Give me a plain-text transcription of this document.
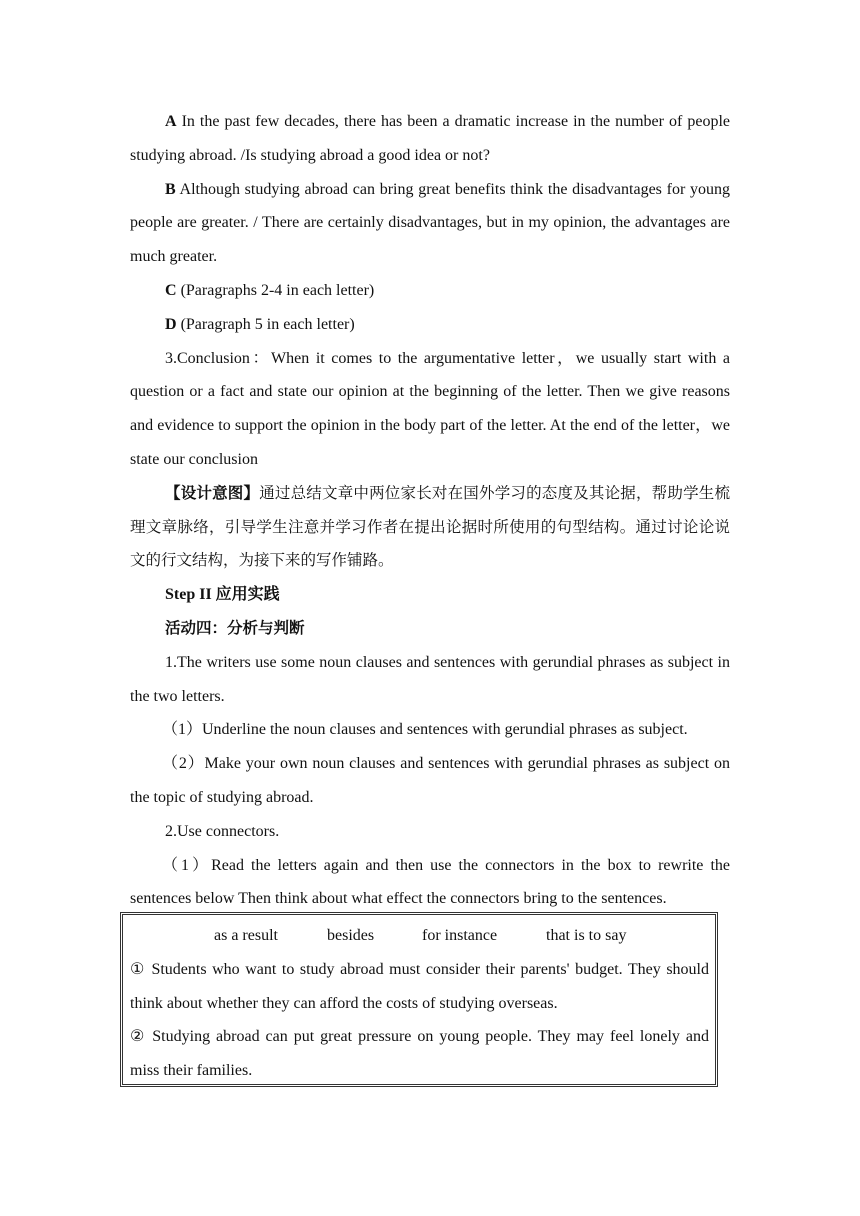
A In the past few decades, there has been a dramatic increase in the number of people studying abroad. /Is studying abroad a good idea or not?

B Although studying abroad can bring great benefits think the disadvantages for young people are greater. / There are certainly disadvantages, but in my opinion, the advantages are much greater.

C (Paragraphs 2-4 in each letter)

D (Paragraph 5 in each letter)

3.Conclusion：When it comes to the argumentative letter，we usually start with a question or a fact and state our opinion at the beginning of the letter. Then we give reasons and evidence to support the opinion in the body part of the letter. At the end of the letter，we state our conclusion

【设计意图】通过总结文章中两位家长对在国外学习的态度及其论据，帮助学生梳理文章脉络，引导学生注意并学习作者在提出论据时所使用的句型结构。通过讨论论说文的行文结构，为接下来的写作铺路。

Step II 应用实践

活动四：分析与判断

1.The writers use some noun clauses and sentences with gerundial phrases as subject in the two letters.

（1）Underline the noun clauses and sentences with gerundial phrases as subject.

（2）Make your own noun clauses and sentences with gerundial phrases as subject on the topic of studying abroad.

2.Use connectors.

（1）Read the letters again and then use the connectors in the box to rewrite the sentences below Then think about what effect the connectors bring to the sentences.

as a result	besides	for instance	that is to say

① Students who want to study abroad must consider their parents' budget. They should think about whether they can afford the costs of studying overseas.

② Studying abroad can put great pressure on young people. They may feel lonely and miss their families.
